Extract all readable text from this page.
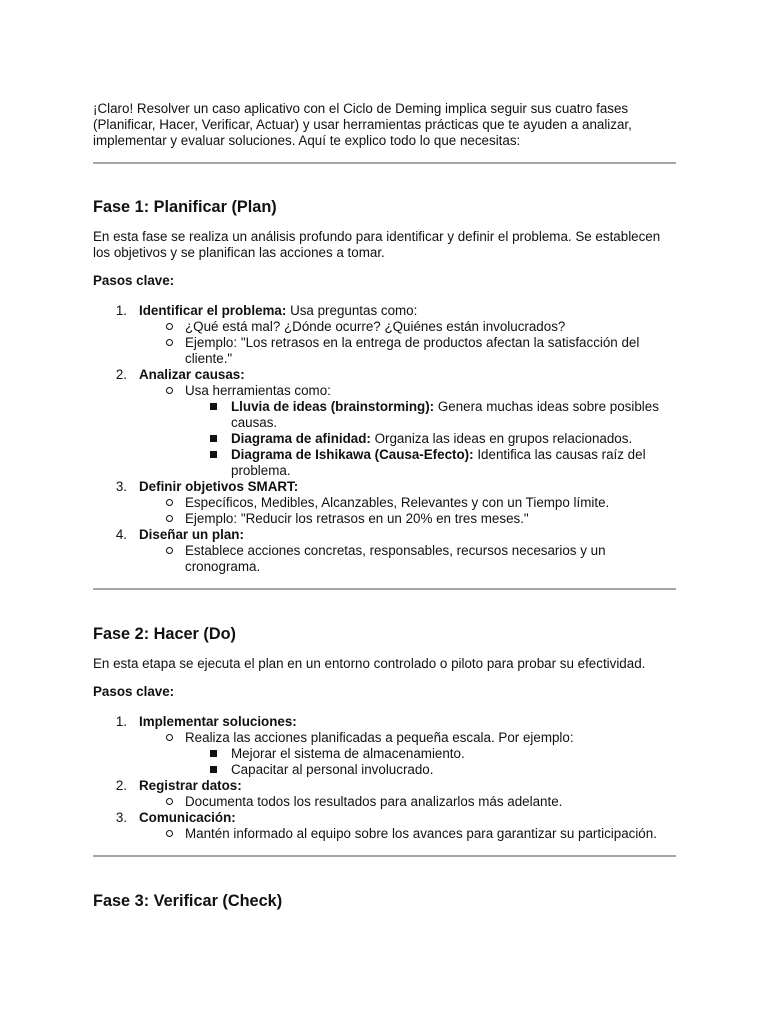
¡Claro! Resolver un caso aplicativo con el Ciclo de Deming implica seguir sus cuatro fases (Planificar, Hacer, Verificar, Actuar) y usar herramientas prácticas que te ayuden a analizar, implementar y evaluar soluciones. Aquí te explico todo lo que necesitas:

Fase 1: Planificar (Plan)

En esta fase se realiza un análisis profundo para identificar y definir el problema. Se establecen los objetivos y se planifican las acciones a tomar.

Pasos clave:

1. Identificar el problema: Usa preguntas como:
¿Qué está mal? ¿Dónde ocurre? ¿Quiénes están involucrados?
Ejemplo: "Los retrasos en la entrega de productos afectan la satisfacción del cliente."
2. Analizar causas:
Usa herramientas como:
Lluvia de ideas (brainstorming): Genera muchas ideas sobre posibles causas.
Diagrama de afinidad: Organiza las ideas en grupos relacionados.
Diagrama de Ishikawa (Causa-Efecto): Identifica las causas raíz del problema.
3. Definir objetivos SMART:
Específicos, Medibles, Alcanzables, Relevantes y con un Tiempo límite.
Ejemplo: "Reducir los retrasos en un 20% en tres meses."
4. Diseñar un plan:
Establece acciones concretas, responsables, recursos necesarios y un cronograma.
Fase 2: Hacer (Do)

En esta etapa se ejecuta el plan en un entorno controlado o piloto para probar su efectividad.

Pasos clave:

1. Implementar soluciones:
Realiza las acciones planificadas a pequeña escala. Por ejemplo:
Mejorar el sistema de almacenamiento.
Capacitar al personal involucrado.
2. Registrar datos:
Documenta todos los resultados para analizarlos más adelante.
3. Comunicación:
Mantén informado al equipo sobre los avances para garantizar su participación.
Fase 3: Verificar (Check)
